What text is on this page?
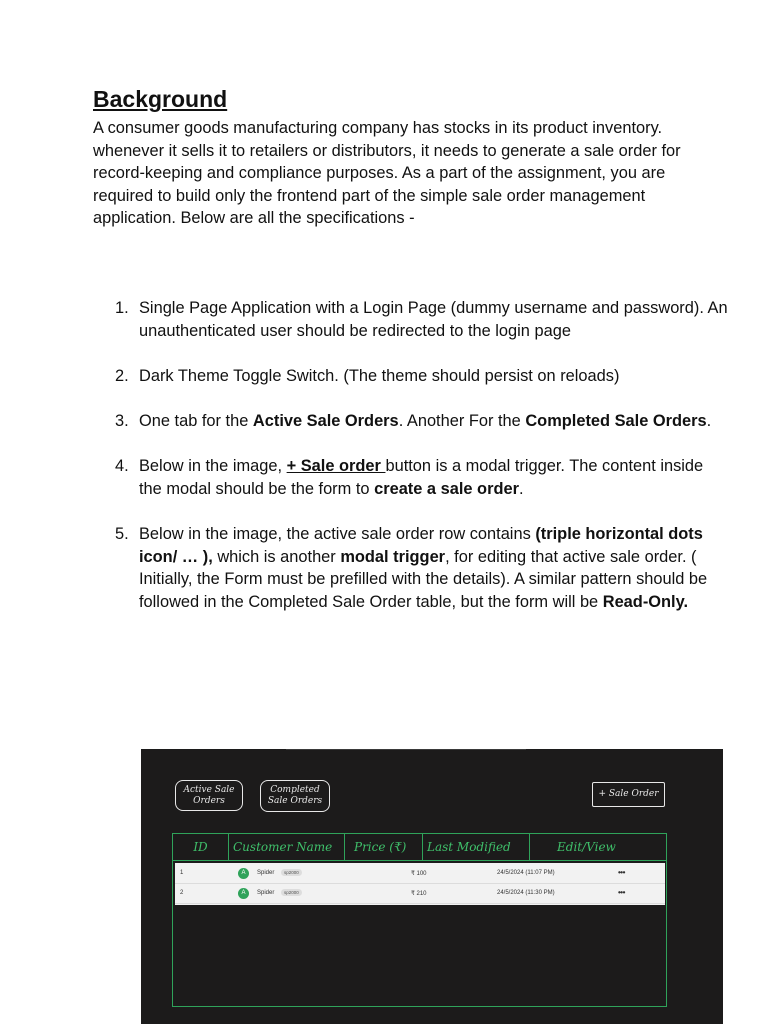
Background

A consumer goods manufacturing company has stocks in its product inventory. whenever it sells it to retailers or distributors, it needs to generate a sale order for record-keeping and compliance purposes. As a part of the assignment, you are required to build only the frontend part of the simple sale order management application. Below are all the specifications -

1. Single Page Application with a Login Page (dummy username and password). An unauthenticated user should be redirected to the login page
2. Dark Theme Toggle Switch. (The theme should persist on reloads)
3. One tab for the Active Sale Orders. Another For the Completed Sale Orders.
4. Below in the image, + Sale order button is a modal trigger. The content inside the modal should be the form to create a sale order.
5. Below in the image, the active sale order row contains (triple horizontal dots icon/ … ), which is another modal trigger, for editing that active sale order. ( Initially, the Form must be prefilled with the details). A similar pattern should be followed in the Completed Sale Order table, but the form will be Read-Only.
Active Sale Orders
Completed Sale Orders
+ Sale Order
ID	Customer Name	Price (₹)	Last Modified	Edit/View
1	A	Spider	sp2000	₹ 100	24/5/2024 (11:07 PM)	•••
2	A	Spider	sp2000	₹ 210	24/5/2024 (11:30 PM)	•••
